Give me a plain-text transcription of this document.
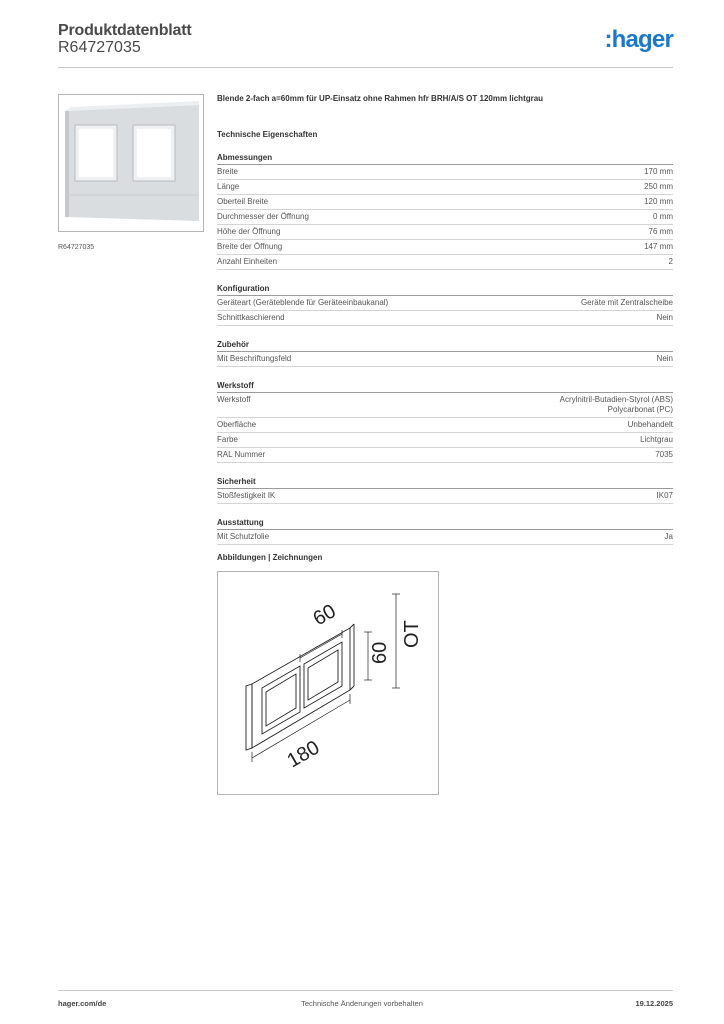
Produktdatenblatt
R64727035	:hager
R64727035
Blende 2-fach a=60mm für UP-Einsatz ohne Rahmen hfr BRH/A/S OT 120mm lichtgrau
Technische Eigenschaften
Abmessungen
Breite	170 mm
Länge	250 mm
Oberteil Breite	120 mm
Durchmesser der Öffnung	0 mm
Höhe der Öffnung	76 mm
Breite der Öffnung	147 mm
Anzahl Einheiten	2
Konfiguration
Geräteart (Geräteblende für Geräteeinbaukanal)	Geräte mit Zentralscheibe
Schnittkaschierend	Nein
Zubehör
Mit Beschriftungsfeld	Nein
Werkstoff
Werkstoff	Acrylnitril-Butadien-Styrol (ABS)
Polycarbonat (PC)
Oberfläche	Unbehandelt
Farbe	Lichtgrau
RAL Nummer	7035
Sicherheit
Stoßfestigkeit IK	IK07
Ausstattung
Mit Schutzfolie	Ja
Abbildungen | Zeichnungen
60
60
OT
180
Technische Änderungen vorbehalten
hager.com/de	19.12.2025
